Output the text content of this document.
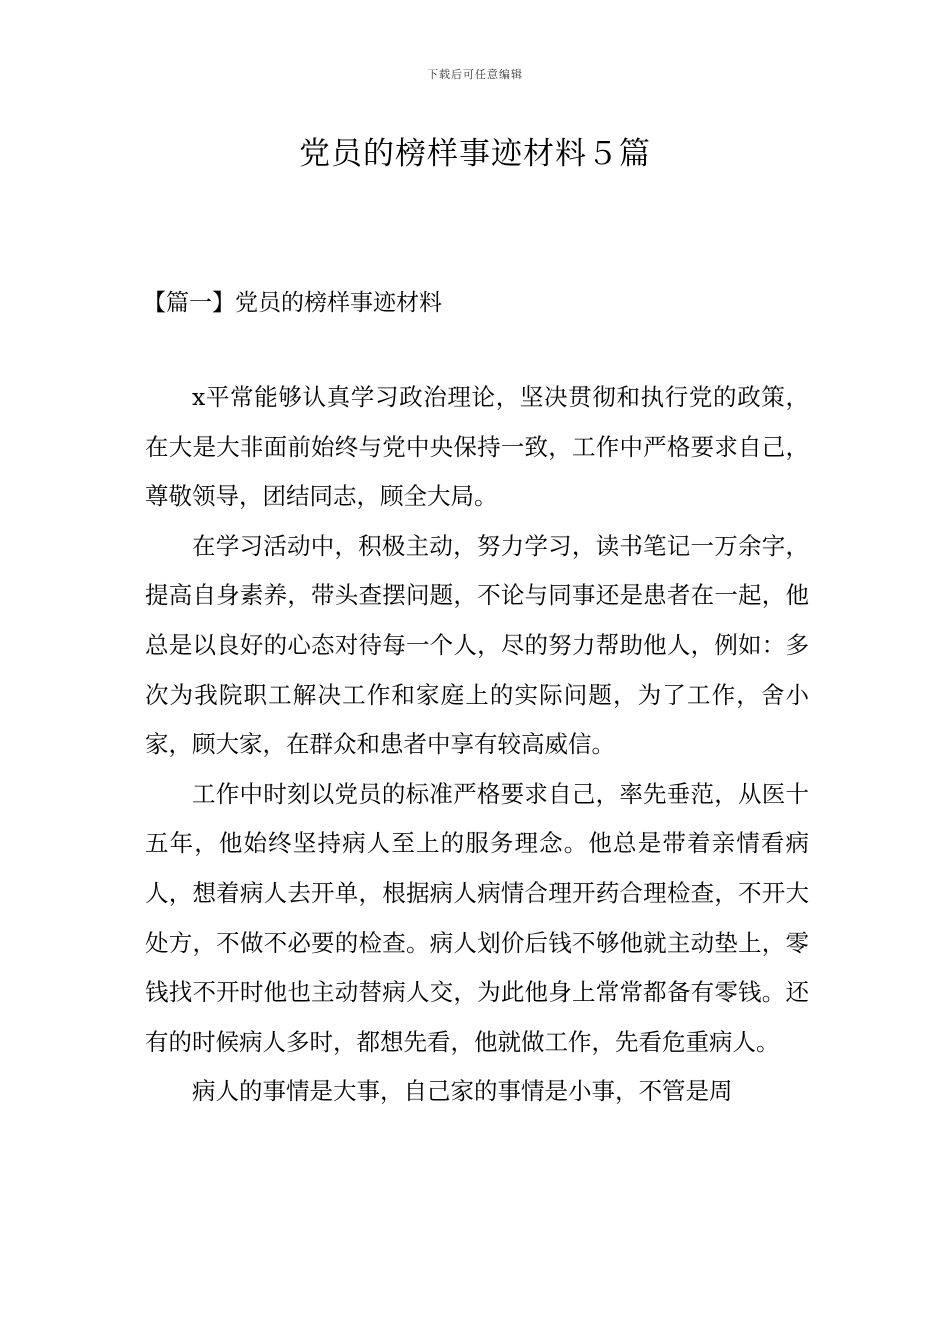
下载后可任意编辑
党员的榜样事迹材料５篇
【篇一】党员的榜样事迹材料

x平常能够认真学习政治理论，坚决贯彻和执行党的政策，在大是大非面前始终与党中央保持一致，工作中严格要求自己，尊敬领导，团结同志，顾全大局。

在学习活动中，积极主动，努力学习，读书笔记一万余字，提高自身素养，带头查摆问题，不论与同事还是患者在一起，他总是以良好的心态对待每一个人，尽的努力帮助他人，例如：多次为我院职工解决工作和家庭上的实际问题，为了工作，舍小家，顾大家，在群众和患者中享有较高威信。

工作中时刻以党员的标准严格要求自己，率先垂范，从医十五年，他始终坚持病人至上的服务理念。他总是带着亲情看病人，想着病人去开单，根据病人病情合理开药合理检查，不开大处方，不做不必要的检查。病人划价后钱不够他就主动垫上，零钱找不开时他也主动替病人交，为此他身上常常都备有零钱。还有的时候病人多时，都想先看，他就做工作，先看危重病人。

病人的事情是大事，自己家的事情是小事，不管是周
